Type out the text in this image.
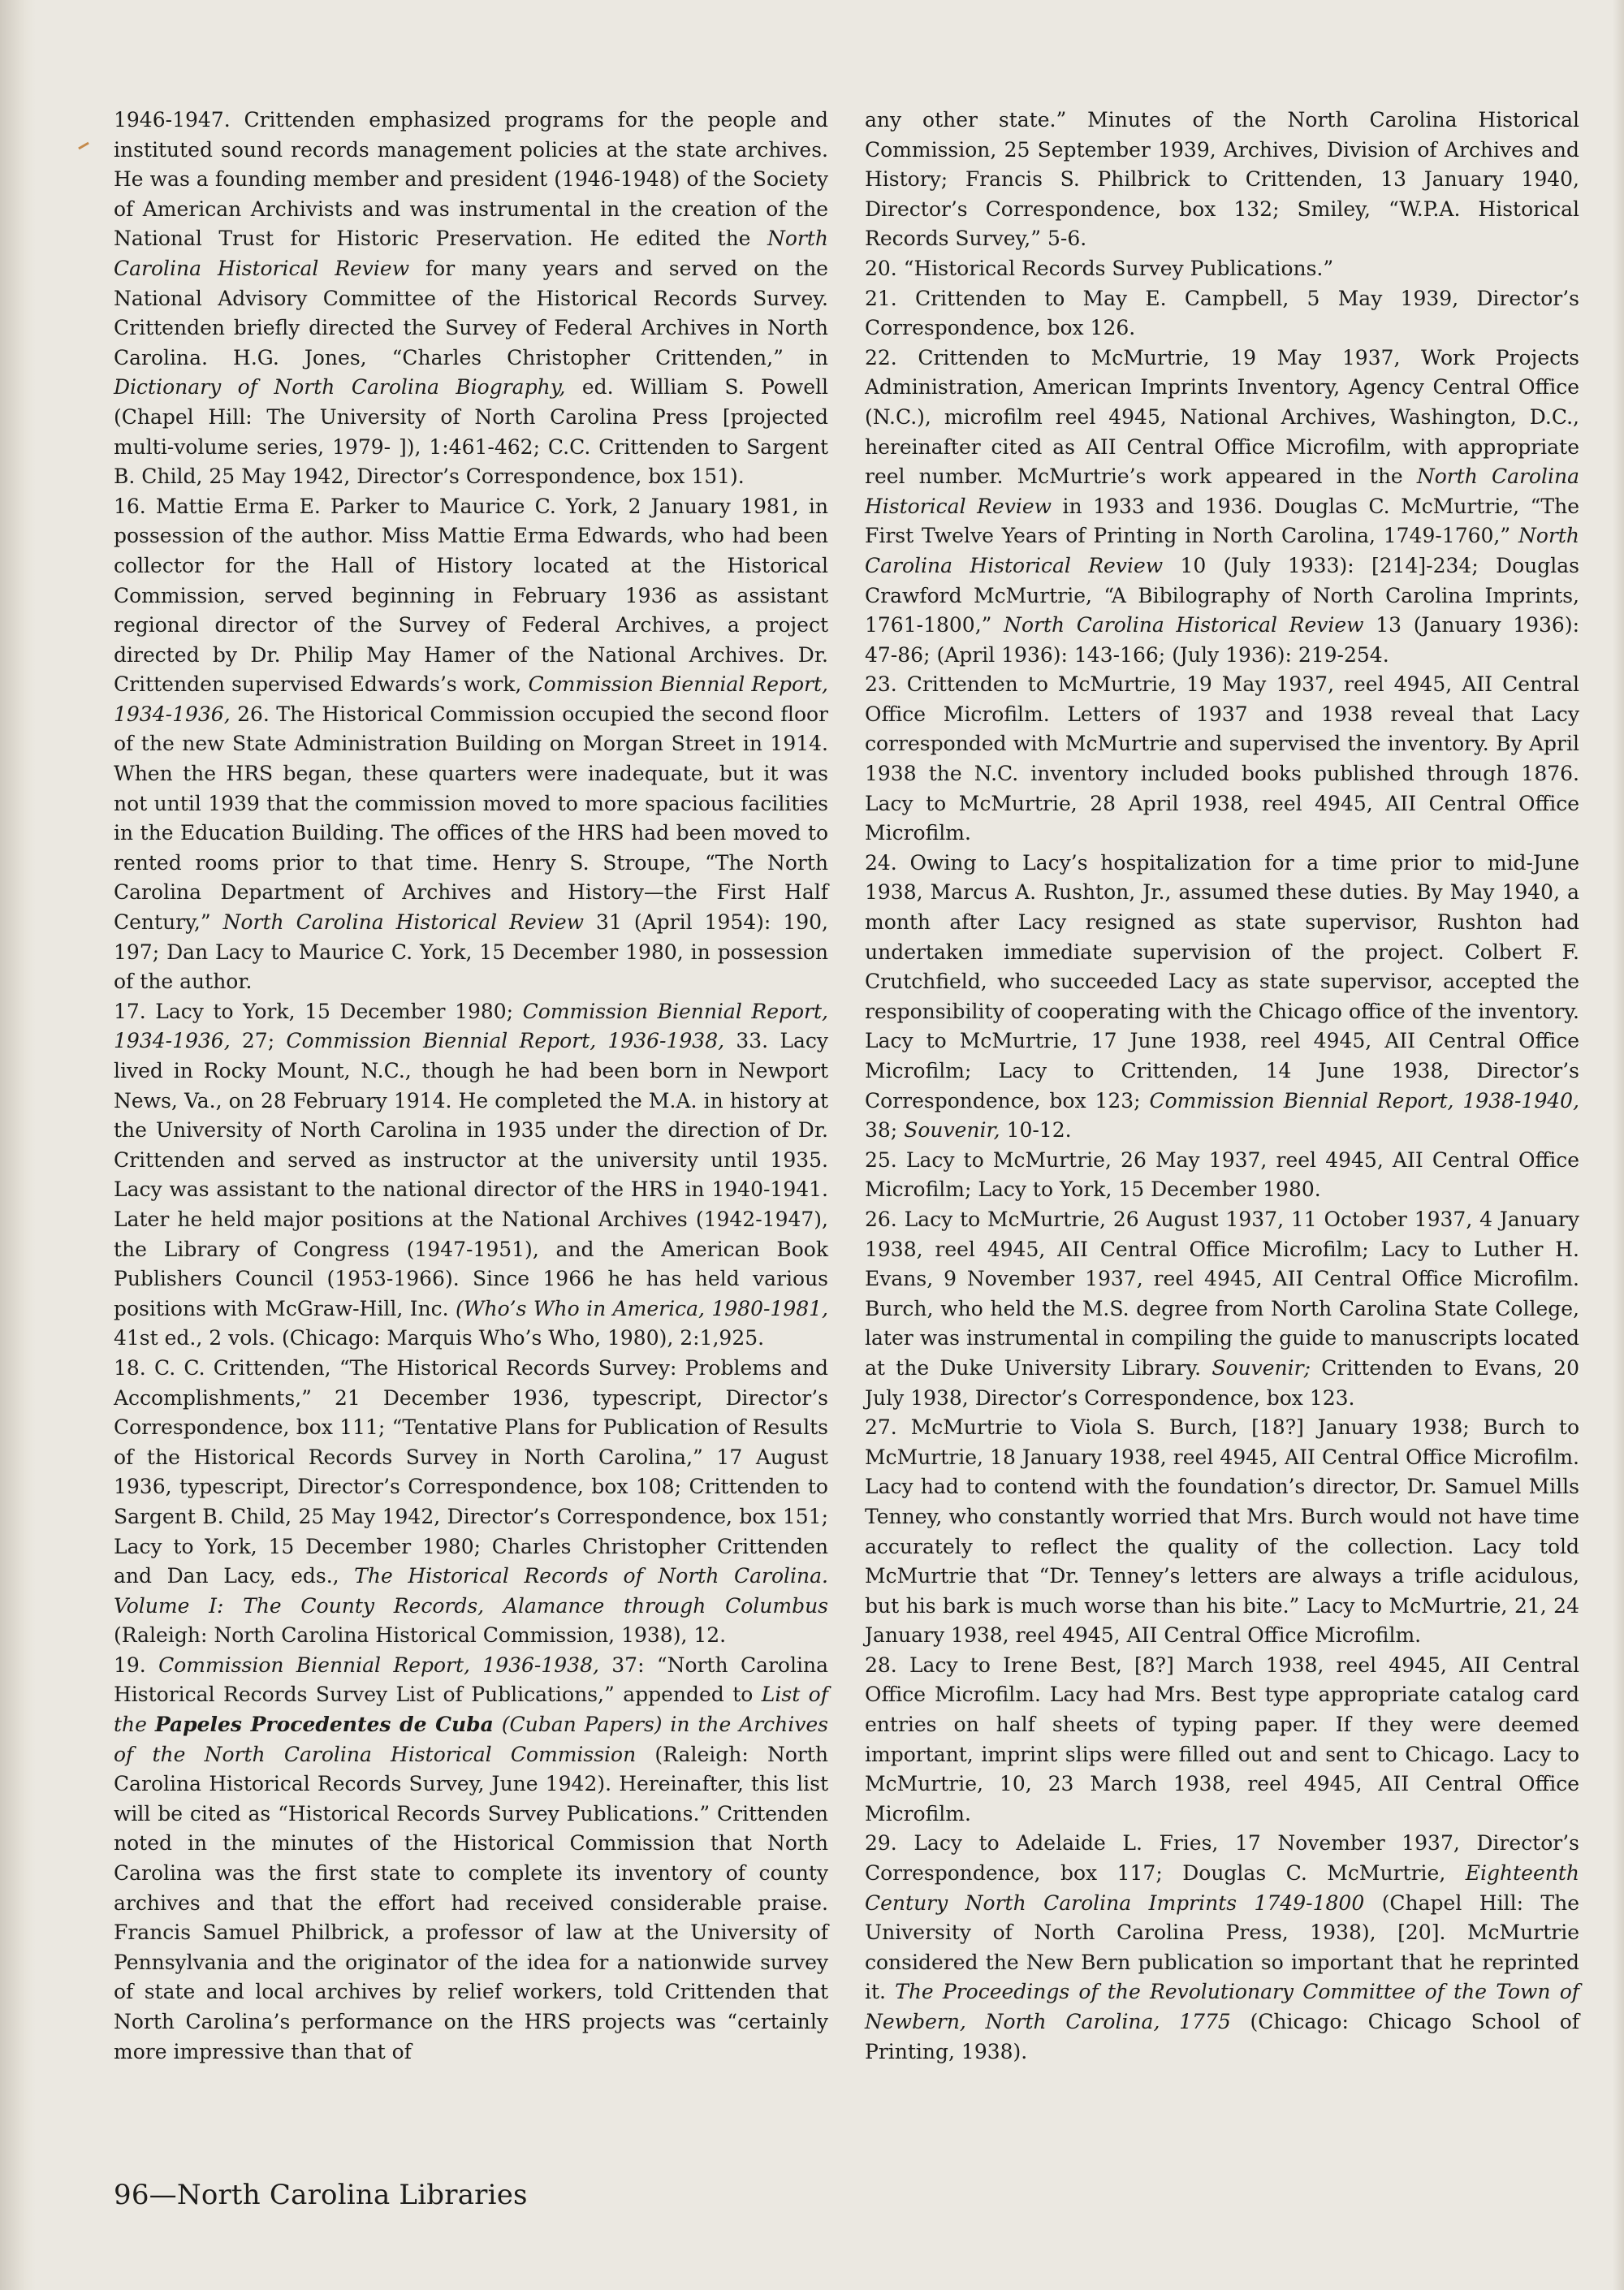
1946-1947. Crittenden emphasized programs for the people and instituted sound records management policies at the state archives. He was a founding member and president (1946-1948) of the Society of American Archivists and was instrumental in the creation of the National Trust for Historic Preservation. He edited the North Carolina Historical Review for many years and served on the National Advisory Committee of the Historical Records Survey. Crittenden briefly directed the Survey of Federal Archives in North Carolina. H.G. Jones, “Charles Christopher Crittenden,” in Dictionary of North Carolina Biography, ed. William S. Powell (Chapel Hill: The University of North Carolina Press [projected multi-volume series, 1979- ]), 1:461-462; C.C. Crittenden to Sargent B. Child, 25 May 1942, Director’s Correspondence, box 151).

16. Mattie Erma E. Parker to Maurice C. York, 2 January 1981, in possession of the author. Miss Mattie Erma Edwards, who had been collector for the Hall of History located at the Historical Commission, served beginning in February 1936 as assistant regional director of the Survey of Federal Archives, a project directed by Dr. Philip May Hamer of the National Archives. Dr. Crittenden supervised Edwards’s work, Commission Biennial Report, 1934-1936, 26. The Historical Commission occupied the second floor of the new State Administration Building on Morgan Street in 1914. When the HRS began, these quarters were inadequate, but it was not until 1939 that the commission moved to more spacious facilities in the Education Building. The offices of the HRS had been moved to rented rooms prior to that time. Henry S. Stroupe, “The North Carolina Department of Archives and History—the First Half Century,” North Carolina Historical Review 31 (April 1954): 190, 197; Dan Lacy to Maurice C. York, 15 December 1980, in possession of the author.

17. Lacy to York, 15 December 1980; Commission Biennial Report, 1934-1936, 27; Commission Biennial Report, 1936-1938, 33. Lacy lived in Rocky Mount, N.C., though he had been born in Newport News, Va., on 28 February 1914. He completed the M.A. in history at the University of North Carolina in 1935 under the direction of Dr. Crittenden and served as instructor at the university until 1935. Lacy was assistant to the national director of the HRS in 1940-1941. Later he held major positions at the National Archives (1942-1947), the Library of Congress (1947-1951), and the American Book Publishers Council (1953-1966). Since 1966 he has held various positions with McGraw-Hill, Inc. (Who’s Who in America, 1980-1981, 41st ed., 2 vols. (Chicago: Marquis Who’s Who, 1980), 2:1,925.

18. C. C. Crittenden, “The Historical Records Survey: Problems and Accomplishments,” 21 December 1936, typescript, Director’s Correspondence, box 111; “Tentative Plans for Publication of Results of the Historical Records Survey in North Carolina,” 17 August 1936, typescript, Director’s Correspondence, box 108; Crittenden to Sargent B. Child, 25 May 1942, Director’s Correspondence, box 151; Lacy to York, 15 December 1980; Charles Christopher Crittenden and Dan Lacy, eds., The Historical Records of North Carolina. Volume I: The County Records, Alamance through Columbus (Raleigh: North Carolina Historical Commission, 1938), 12.

19. Commission Biennial Report, 1936-1938, 37: “North Carolina Historical Records Survey List of Publications,” appended to List of the Papeles Procedentes de Cuba (Cuban Papers) in the Archives of the North Carolina Historical Commission (Raleigh: North Carolina Historical Records Survey, June 1942). Hereinafter, this list will be cited as “Historical Records Survey Publications.” Crittenden noted in the minutes of the Historical Commission that North Carolina was the first state to complete its inventory of county archives and that the effort had received considerable praise. Francis Samuel Philbrick, a professor of law at the University of Pennsylvania and the originator of the idea for a nationwide survey of state and local archives by relief workers, told Crittenden that North Carolina’s performance on the HRS projects was “certainly more impressive than that of

any other state.” Minutes of the North Carolina Historical Commission, 25 September 1939, Archives, Division of Archives and History; Francis S. Philbrick to Crittenden, 13 January 1940, Director’s Correspondence, box 132; Smiley, “W.P.A. Historical Records Survey,” 5-6.

20. “Historical Records Survey Publications.”

21. Crittenden to May E. Campbell, 5 May 1939, Director’s Correspondence, box 126.

22. Crittenden to McMurtrie, 19 May 1937, Work Projects Administration, American Imprints Inventory, Agency Central Office (N.C.), microfilm reel 4945, National Archives, Washington, D.C., hereinafter cited as AII Central Office Microfilm, with appropriate reel number. McMurtrie’s work appeared in the North Carolina Historical Review in 1933 and 1936. Douglas C. McMurtrie, “The First Twelve Years of Printing in North Carolina, 1749-1760,” North Carolina Historical Review 10 (July 1933): [214]-234; Douglas Crawford McMurtrie, “A Bibilography of North Carolina Imprints, 1761-1800,” North Carolina Historical Review 13 (January 1936): 47-86; (April 1936): 143-166; (July 1936): 219-254.

23. Crittenden to McMurtrie, 19 May 1937, reel 4945, AII Central Office Microfilm. Letters of 1937 and 1938 reveal that Lacy corresponded with McMurtrie and supervised the inventory. By April 1938 the N.C. inventory included books published through 1876. Lacy to McMurtrie, 28 April 1938, reel 4945, AII Central Office Microfilm.

24. Owing to Lacy’s hospitalization for a time prior to mid-June 1938, Marcus A. Rushton, Jr., assumed these duties. By May 1940, a month after Lacy resigned as state supervisor, Rushton had undertaken immediate supervision of the project. Colbert F. Crutchfield, who succeeded Lacy as state supervisor, accepted the responsibility of cooperating with the Chicago office of the inventory. Lacy to McMurtrie, 17 June 1938, reel 4945, AII Central Office Microfilm; Lacy to Crittenden, 14 June 1938, Director’s Correspondence, box 123; Commission Biennial Report, 1938-1940, 38; Souvenir, 10-12.

25. Lacy to McMurtrie, 26 May 1937, reel 4945, AII Central Office Microfilm; Lacy to York, 15 December 1980.

26. Lacy to McMurtrie, 26 August 1937, 11 October 1937, 4 January 1938, reel 4945, AII Central Office Microfilm; Lacy to Luther H. Evans, 9 November 1937, reel 4945, AII Central Office Microfilm. Burch, who held the M.S. degree from North Carolina State College, later was instrumental in compiling the guide to manuscripts located at the Duke University Library. Souvenir; Crittenden to Evans, 20 July 1938, Director’s Correspondence, box 123.

27. McMurtrie to Viola S. Burch, [18?] January 1938; Burch to McMurtrie, 18 January 1938, reel 4945, AII Central Office Microfilm. Lacy had to contend with the foundation’s director, Dr. Samuel Mills Tenney, who constantly worried that Mrs. Burch would not have time accurately to reflect the quality of the collection. Lacy told McMurtrie that “Dr. Tenney’s letters are always a trifle acidulous, but his bark is much worse than his bite.” Lacy to McMurtrie, 21, 24 January 1938, reel 4945, AII Central Office Microfilm.

28. Lacy to Irene Best, [8?] March 1938, reel 4945, AII Central Office Microfilm. Lacy had Mrs. Best type appropriate catalog card entries on half sheets of typing paper. If they were deemed important, imprint slips were filled out and sent to Chicago. Lacy to McMurtrie, 10, 23 March 1938, reel 4945, AII Central Office Microfilm.

29. Lacy to Adelaide L. Fries, 17 November 1937, Director’s Correspondence, box 117; Douglas C. McMurtrie, Eighteenth Century North Carolina Imprints 1749-1800 (Chapel Hill: The University of North Carolina Press, 1938), [20]. McMurtrie considered the New Bern publication so important that he reprinted it. The Proceedings of the Revolutionary Committee of the Town of Newbern, North Carolina, 1775 (Chicago: Chicago School of Printing, 1938).

96—North Carolina Libraries
